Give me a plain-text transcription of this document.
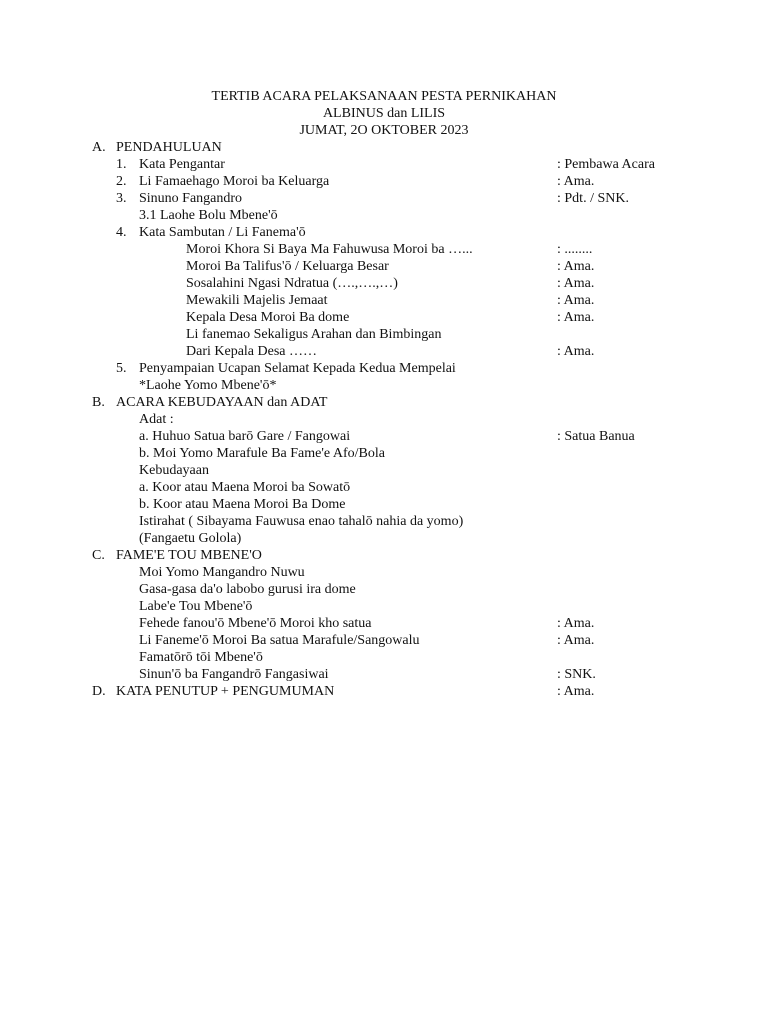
TERTIB ACARA PELAKSANAAN PESTA PERNIKAHAN
ALBINUS dan LILIS
JUMAT, 2O OKTOBER 2023
A. PENDAHULUAN
1. Kata Pengantar	: Pembawa Acara
2. Li Famaehago Moroi ba Keluarga	: Ama.
3. Sinuno Fangandro	: Pdt. / SNK.
3.1 Laohe Bolu Mbene'ō
4. Kata Sambutan / Li Fanema'ō
Moroi Khora Si Baya Ma Fahuwusa Moroi ba …...	: ........
Moroi Ba Talifus'ō / Keluarga Besar	: Ama.
Sosalahini Ngasi Ndratua (….,….,…)	: Ama.
Mewakili Majelis Jemaat	: Ama.
Kepala Desa Moroi Ba dome	: Ama.
Li fanemao Sekaligus Arahan dan Bimbingan
Dari Kepala Desa ……	: Ama.
5. Penyampaian Ucapan Selamat Kepada Kedua Mempelai
*Laohe Yomo Mbene'ō*
B. ACARA KEBUDAYAAN dan ADAT
Adat :
a. Huhuo Satua barō Gare / Fangowai	: Satua Banua
b. Moi Yomo Marafule Ba Fame'e Afo/Bola
Kebudayaan
a. Koor atau Maena Moroi ba Sowatō
b. Koor atau Maena Moroi Ba Dome
Istirahat ( Sibayama Fauwusa enao tahalō nahia da yomo)
(Fangaetu Golola)
C. FAME'E TOU MBENE'O
Moi Yomo Mangandro Nuwu
Gasa-gasa da'o labobo gurusi ira dome
Labe'e Tou Mbene'ō
Fehede fanou'ō Mbene'ō Moroi kho satua	: Ama.
Li Faneme'ō Moroi Ba satua Marafule/Sangowalu	: Ama.
Famatōrō tōi Mbene'ō
Sinun'ō ba Fangandrō Fangasiwai	: SNK.
D. KATA PENUTUP + PENGUMUMAN	: Ama.
